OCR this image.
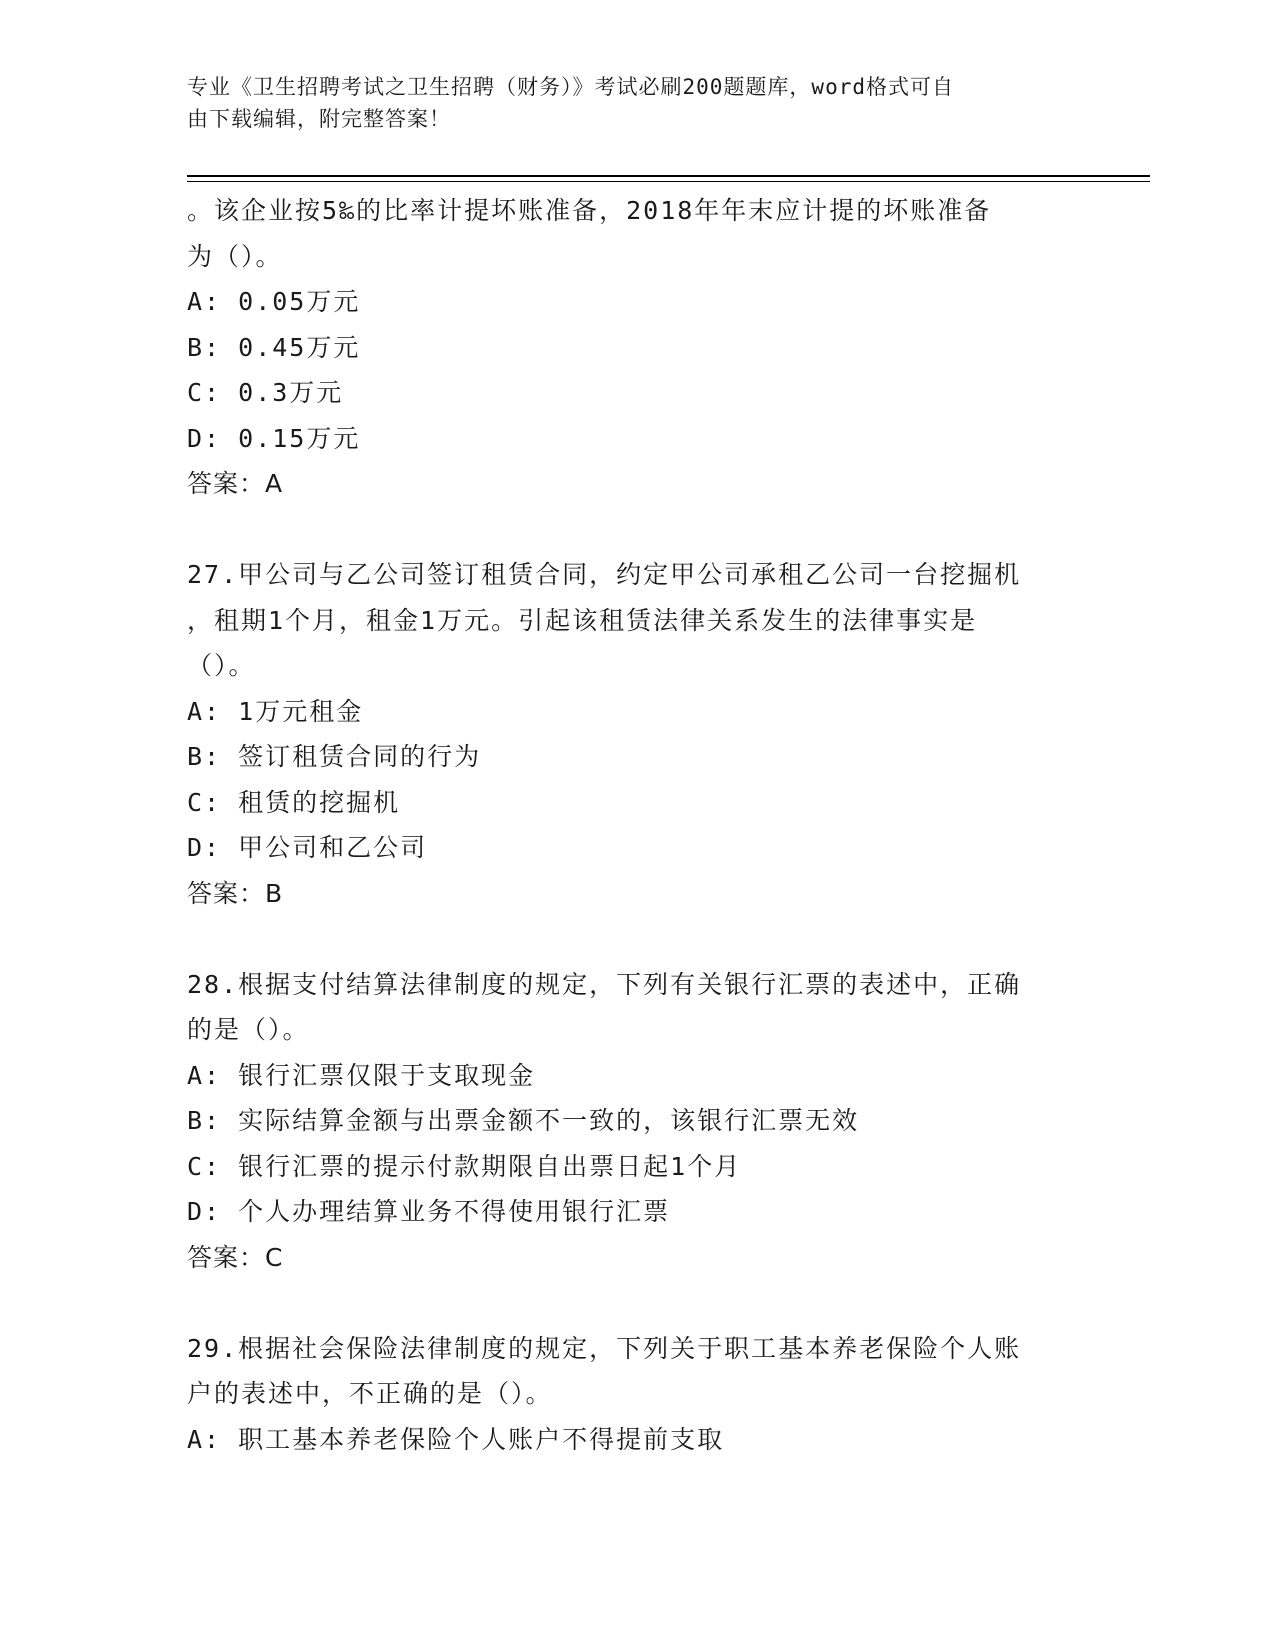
专业《卫生招聘考试之卫生招聘（财务）》考试必刷200题题库，word格式可自
由下载编辑，附完整答案！
。该企业按5‰的比率计提坏账准备，2018年年末应计提的坏账准备
为（）。
A: 0.05万元
B: 0.45万元
C: 0.3万元
D: 0.15万元
答案：A
27.甲公司与乙公司签订租赁合同，约定甲公司承租乙公司一台挖掘机
，租期1个月，租金1万元。引起该租赁法律关系发生的法律事实是
（）。
A: 1万元租金
B: 签订租赁合同的行为
C: 租赁的挖掘机
D: 甲公司和乙公司
答案：B
28.根据支付结算法律制度的规定，下列有关银行汇票的表述中，正确
的是（）。
A: 银行汇票仅限于支取现金
B: 实际结算金额与出票金额不一致的，该银行汇票无效
C: 银行汇票的提示付款期限自出票日起1个月
D: 个人办理结算业务不得使用银行汇票
答案：C
29.根据社会保险法律制度的规定，下列关于职工基本养老保险个人账
户的表述中，不正确的是（）。
A: 职工基本养老保险个人账户不得提前支取
